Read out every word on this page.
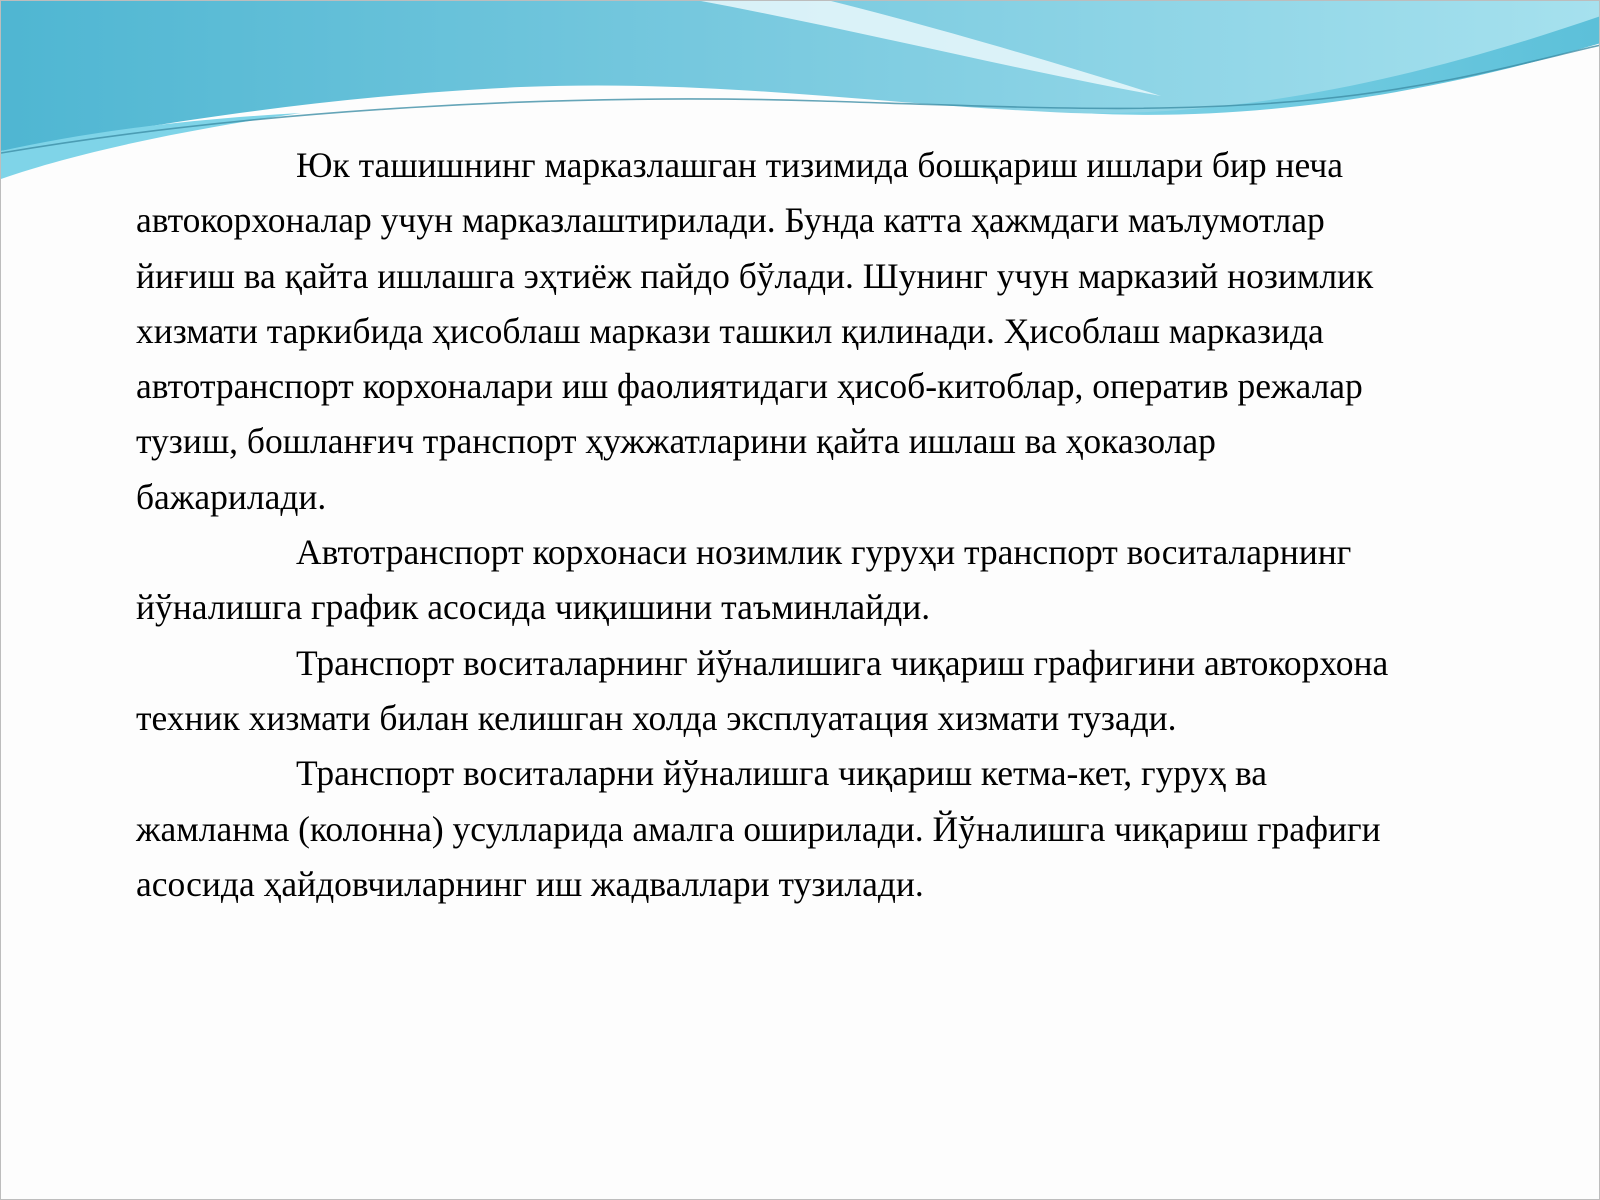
Юк ташишнинг марказлашган тизимида бошқариш ишлари бир неча
автокорхоналар учун марказлаштирилади. Бунда катта ҳажмдаги маълумотлар
йиғиш ва қайта ишлашга эҳтиёж пайдо бўлади. Шунинг учун марказий нозимлик
хизмати таркибида ҳисоблаш маркази ташкил қилинади. Ҳисоблаш марказида
автотранспорт корхоналари иш фаолиятидаги ҳисоб-китоблар, оператив режалар
тузиш, бошланғич транспорт ҳужжатларини қайта ишлаш ва ҳоказолар
бажарилади.

Автотранспорт корхонаси нозимлик гуруҳи транспорт воситаларнинг
йўналишга график асосида чиқишини таъминлайди.

Транспорт воситаларнинг йўналишига чиқариш графигини автокорхона
техник хизмати билан келишган холда эксплуатация хизмати тузади.

Транспорт воситаларни йўналишга чиқариш кетма-кет, гуруҳ ва
жамланма (колонна) усулларида амалга оширилади. Йўналишга чиқариш графиги
асосида ҳайдовчиларнинг иш жадваллари тузилади.
